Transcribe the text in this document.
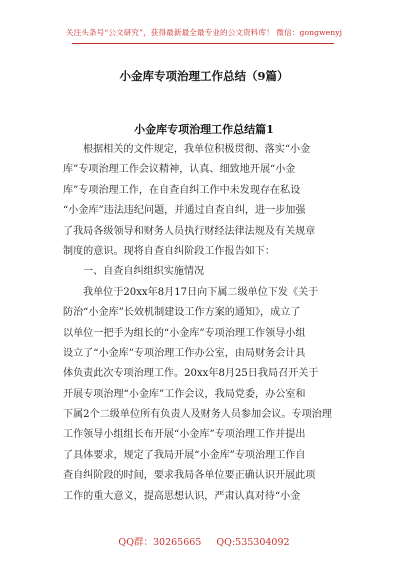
关注头条号“公文研究”，获得最新最全最专业的公文资料库！ 微信：gongwenyj
小金库专项治理工作总结（9篇）
小金库专项治理工作总结篇1
根据相关的文件规定，我单位积极贯彻、落实“小金
库”专项治理工作会议精神，认真、细致地开展“小金
库”专项治理工作，在自查自纠工作中未发现存在私设
“小金库”违法违纪问题，并通过自查自纠，进一步加强
了我局各级领导和财务人员执行财经法律法规及有关规章
制度的意识。现将自查自纠阶段工作报告如下：
一、自查自纠组织实施情况
我单位于20xx年8月17日向下属二级单位下发《关于
防治“小金库”长效机制建设工作方案的通知》，成立了
以单位一把手为组长的“小金库”专项治理工作领导小组
设立了“小金库”专项治理工作办公室，由局财务会计具
体负责此次专项治理工作。20xx年8月25日我局召开关于
开展专项治理“小金库”工作会议，我局党委，办公室和
下属2个二级单位所有负责人及财务人员参加会议。专项治理
工作领导小组组长布开展“小金库”专项治理工作并提出
了具体要求，规定了我局开展“小金库”专项治理工作自
查自纠阶段的时间，要求我局各单位要正确认识开展此项
工作的重大意义，提高思想认识，严肃认真对待“小金
QQ群：30265665 QQ:535304092
